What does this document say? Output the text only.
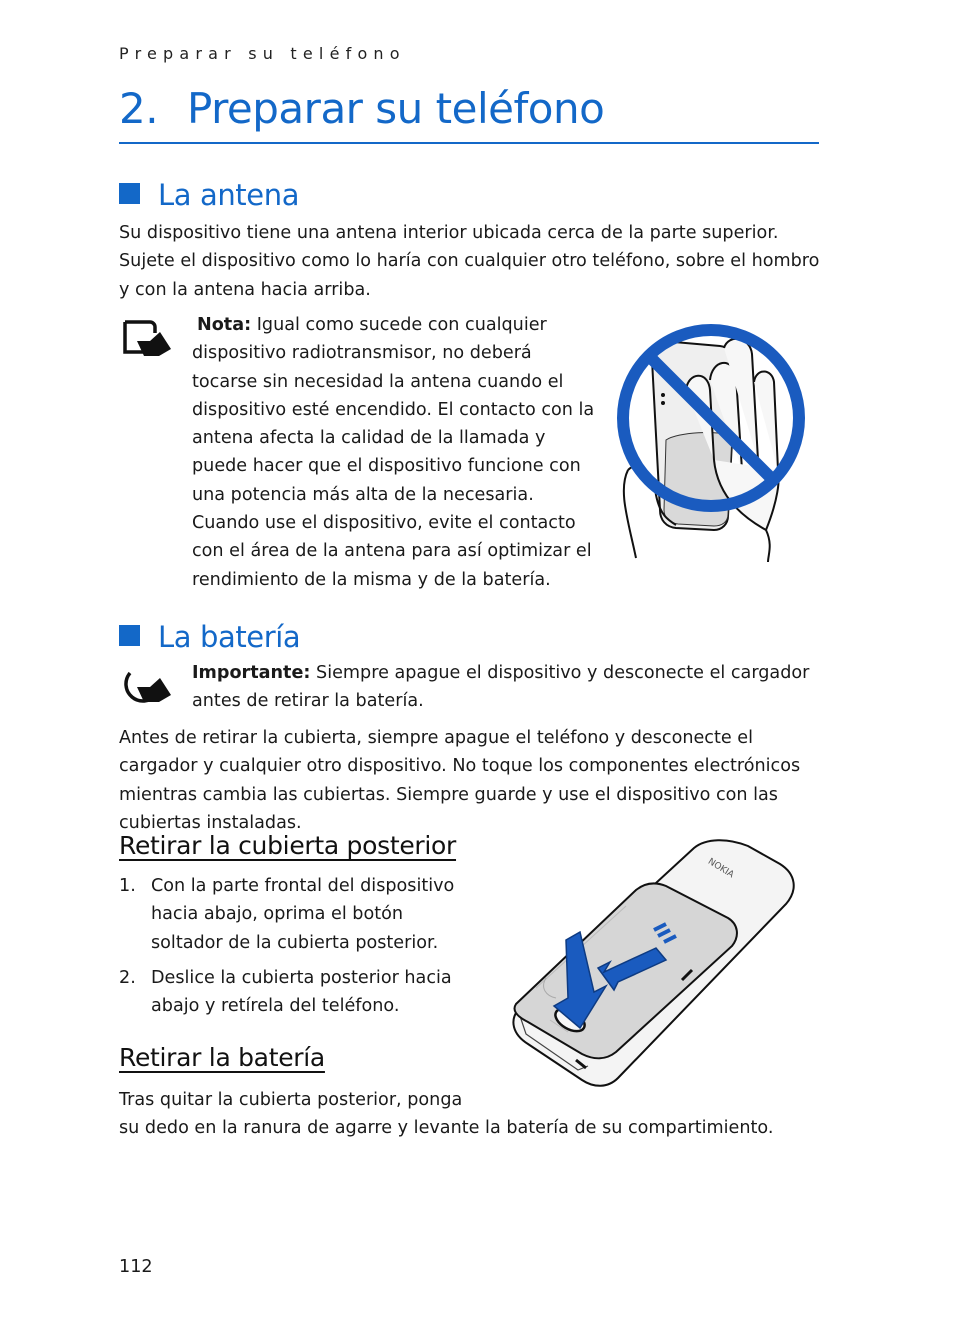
Preparar su teléfono
2. Preparar su teléfono
La antena
Su dispositivo tiene una antena interior ubicada cerca de la parte superior. Sujete el dispositivo como lo haría con cualquier otro teléfono, sobre el hombro y con la antena hacia arriba.
Nota: Igual como sucede con cualquier dispositivo radiotransmisor, no deberá tocarse sin necesidad la antena cuando el dispositivo esté encendido. El contacto con la antena afecta la calidad de la llamada y puede hacer que el dispositivo funcione con una potencia más alta de la necesaria. Cuando use el dispositivo, evite el contacto con el área de la antena para así optimizar el rendimiento de la misma y de la batería.
La batería
Importante: Siempre apague el dispositivo y desconecte el cargador antes de retirar la batería.
Antes de retirar la cubierta, siempre apague el teléfono y desconecte el cargador y cualquier otro dispositivo. No toque los componentes electrónicos mientras cambia las cubiertas. Siempre guarde y use el dispositivo con las cubiertas instaladas.
Retirar la cubierta posterior
1. Con la parte frontal del dispositivo hacia abajo, oprima el botón soltador de la cubierta posterior.
2. Deslice la cubierta posterior hacia abajo y retírela del teléfono.
NOKIA
Retirar la batería
Tras quitar la cubierta posterior, ponga
su dedo en la ranura de agarre y levante la batería de su compartimiento.
112
